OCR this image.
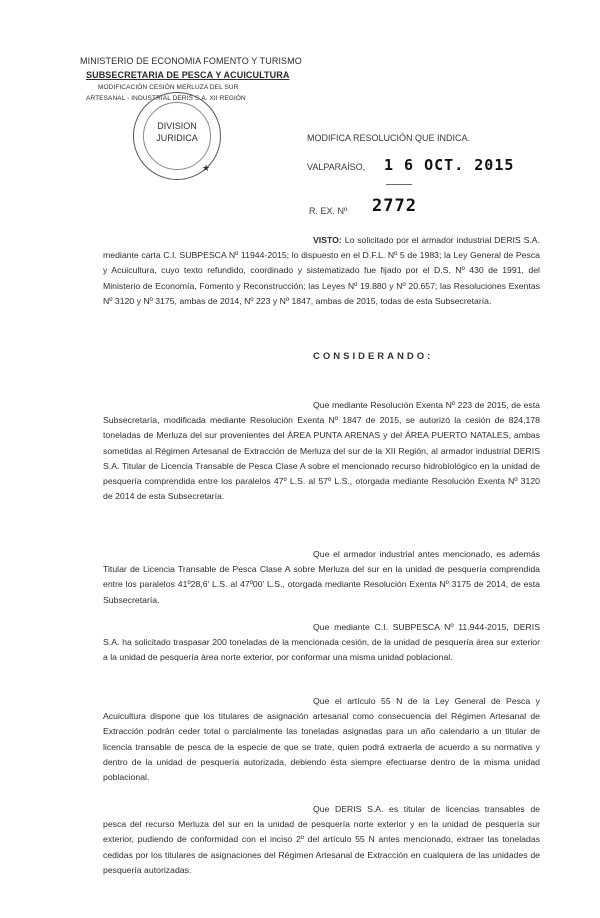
MINISTERIO DE ECONOMIA FOMENTO Y TURISMO
SUBSECRETARIA DE PESCA Y ACUICULTURA
MODIFICACIÓN CESIÓN MERLUZA DEL SUR
ARTESANAL - INDUSTRIAL DERIS S.A. XII REGIÓN
DIVISION
JURIDICA
★
MODIFICA RESOLUCIÓN QUE INDICA.
VALPARAÍSO, 1 6 OCT. 2015
R. EX. Nº 2772
VISTO: Lo solicitado por el armador industrial DERIS S.A. mediante carta C.I. SUBPESCA Nº 11944-2015; lo dispuesto en el D.F.L. Nº 5 de 1983; la Ley General de Pesca y Acuicultura, cuyo texto refundido, coordinado y sistematizado fue fijado por el D.S. Nº 430 de 1991, del Ministerio de Economía, Fomento y Reconstrucción; las Leyes Nº 19.880 y Nº 20.657; las Resoluciones Exentas Nº 3120 y Nº 3175, ambas de 2014, Nº 223 y Nº 1847, ambas de 2015, todas de esta Subsecretaría.
CONSIDERANDO:
Que mediante Resolución Exenta Nº 223 de 2015, de esta Subsecretaría, modificada mediante Resolución Exenta Nº 1847 de 2015, se autorizó la cesión de 824,178 toneladas de Merluza del sur provenientes del ÁREA PUNTA ARENAS y del ÁREA PUERTO NATALES, ambas sometidas al Régimen Artesanal de Extracción de Merluza del sur de la XII Región, al armador industrial DERIS S.A. Titular de Licencia Transable de Pesca Clase A sobre el mencionado recurso hidrobiológico en la unidad de pesquería comprendida entre los paralelos 47º L.S. al 57º L.S., otorgada mediante Resolución Exenta Nº 3120 de 2014 de esta Subsecretaría.
Que el armador industrial antes mencionado, es además Titular de Licencia Transable de Pesca Clase A sobre Merluza del sur en la unidad de pesquería comprendida entre los paralelos 41º28,6' L.S. al 47º00' L.S., otorgada mediante Resolución Exenta Nº 3175 de 2014, de esta Subsecretaría.
Que mediante C.I. SUBPESCA Nº 11.944-2015, DERIS S.A. ha solicitado traspasar 200 toneladas de la mencionada cesión, de la unidad de pesquería área sur exterior a la unidad de pesquería área norte exterior, por conformar una misma unidad poblacional.
Que el artículo 55 N de la Ley General de Pesca y Acuicultura dispone que los titulares de asignación artesanal como consecuencia del Régimen Artesanal de Extracción podrán ceder total o parcialmente las toneladas asignadas para un año calendario a un titular de licencia transable de pesca de la especie de que se trate, quien podrá extraerla de acuerdo a su normativa y dentro de la unidad de pesquería autorizada, debiendo ésta siempre efectuarse dentro de la misma unidad poblacional.
Que DERIS S.A. es titular de licencias transables de pesca del recurso Merluza del sur en la unidad de pesquería norte exterior y en la unidad de pesquería sur exterior, pudiendo de conformidad con el inciso 2º del artículo 55 N antes mencionado, extraer las toneladas cedidas por los titulares de asignaciones del Régimen Artesanal de Extracción en cualquiera de las unidades de pesquería autorizadas.
